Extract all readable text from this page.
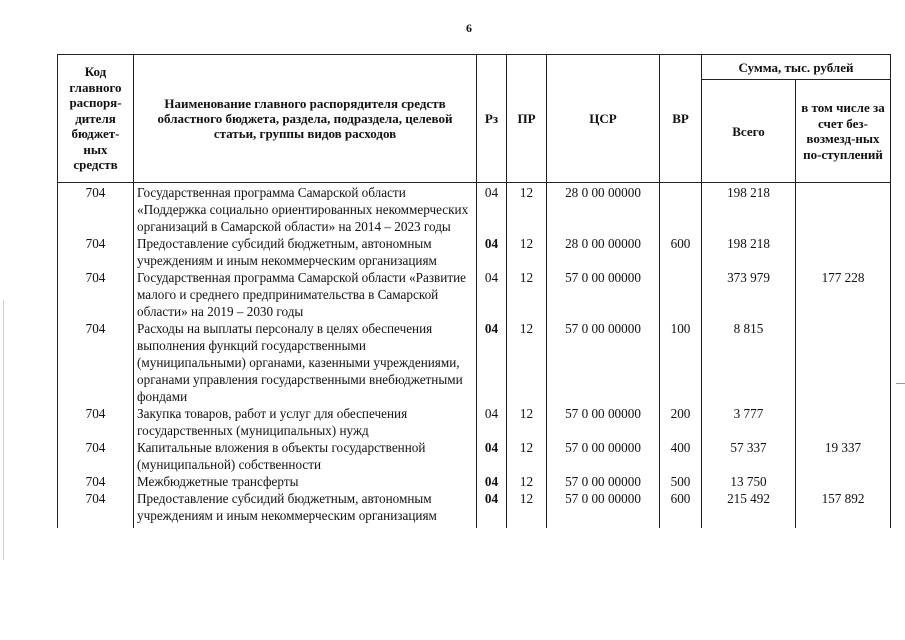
6
Код главного распоря-дителя бюджет-ных средств	Наименование главного распорядителя средств областного бюджета, раздела, подраздела, целевой статьи, группы видов расходов	Рз	ПР	ЦСР	ВР	Сумма, тыс. рублей	
						Всего	в том числе за счет без-возмезд-ных по-ступлений
704	Государственная программа Самарской области «Поддержка социально ориентированных некоммерческих организаций в Самарской области» на 2014 – 2023 годы	04	12	28 0 00 00000		198 218	
704	Предоставление субсидий бюджетным, автономным учреждениям и иным некоммерческим организациям	04	12	28 0 00 00000	600	198 218	
704	Государственная программа Самарской области «Развитие малого и среднего предпринимательства в Самарской области» на 2019 – 2030 годы	04	12	57 0 00 00000		373 979	177 228
704	Расходы на выплаты персоналу в целях обеспечения выполнения функций государственными (муниципальными) органами, казенными учреждениями, органами управления государственными внебюджетными фондами	04	12	57 0 00 00000	100	8 815	
704	Закупка товаров, работ и услуг для обеспечения государственных (муниципальных) нужд	04	12	57 0 00 00000	200	3 777	
704	Капитальные вложения в объекты государственной (муниципальной) собственности	04	12	57 0 00 00000	400	57 337	19 337
704	Межбюджетные трансферты	04	12	57 0 00 00000	500	13 750	
704	Предоставление субсидий бюджетным, автономным учреждениям и иным некоммерческим организациям	04	12	57 0 00 00000	600	215 492	157 892
